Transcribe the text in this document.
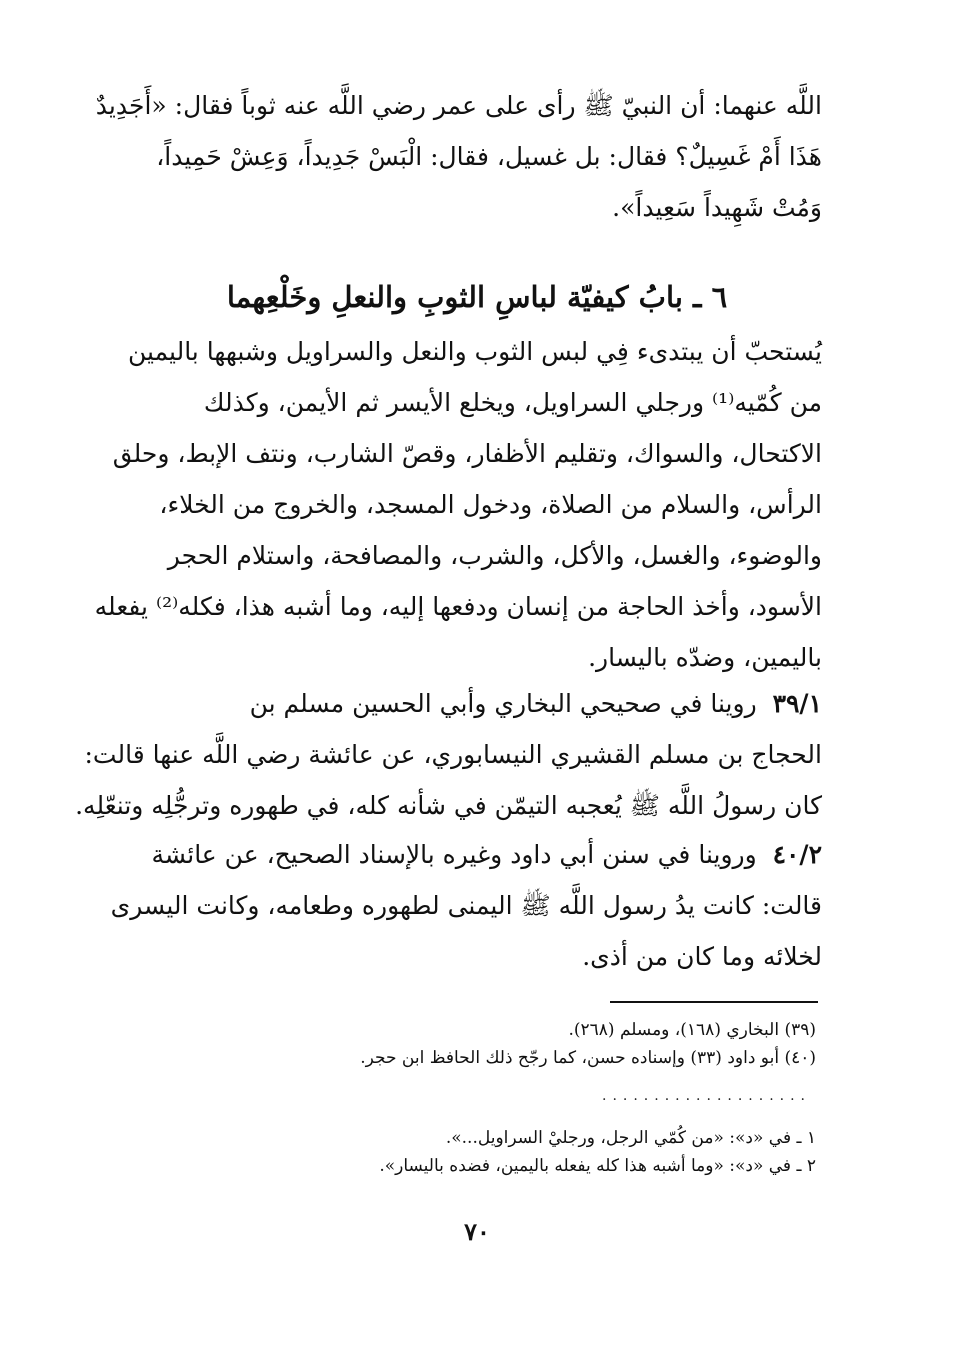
اللَّه عنهما: أن النبيّ ﷺ رأى على عمر رضي اللَّه عنه ثوباً فقال: «أَجَدِيدٌ
هَذَا أَمْ غَسِيلٌ؟ فقال: بل غسيل، فقال: الْبَسْ جَدِيداً، وَعِشْ حَمِيداً،
وَمُتْ شَهِيداً سَعِيداً».
٦ ـ بابُ كيفيّة لباسِ الثوبِ والنعلِ وخَلْعِهما
يُستحبّ أن يبتدىء فِي لبس الثوب والنعل والسراويل وشبهها باليمين
من كُمّيه⁽¹⁾ ورجلي السراويل، ويخلع الأيسر ثم الأيمن، وكذلك
الاكتحال، والسواك، وتقليم الأظفار، وقصّ الشارب، ونتف الإبط، وحلق
الرأس، والسلام من الصلاة، ودخول المسجد، والخروج من الخلاء،
والوضوء، والغسل، والأكل، والشرب، والمصافحة، واستلام الحجر
الأسود، وأخذ الحاجة من إنسان ودفعها إليه، وما أشبه هذا، فكله⁽²⁾ يفعله
باليمين، وضدّه باليسار.
٣٩/١  روينا في صحيحي البخاري وأبي الحسين مسلم بن
الحجاج بن مسلم القشيري النيسابوري، عن عائشة رضي اللَّه عنها قالت:
كان رسولُ اللَّه ﷺ يُعجبه التيمّن في شأنه كله، في طهوره وترجُّلِه وتنعّلِه.
٤٠/٢  وروينا في سنن أبي داود وغيره بالإسناد الصحيح، عن عائشة
قالت: كانت يدُ رسول اللَّه ﷺ اليمنى لطهوره وطعامه، وكانت اليسرى
لخلائه وما كان من أذى.
(٣٩) البخاري (١٦٨)، ومسلم (٢٦٨).
(٤٠) أبو داود (٣٣) وإسناده حسن، كما رجّح ذلك الحافظ ابن حجر.
....................
١ ـ في «د»: «من كُمّي الرجل، ورجليْ السراويل...».
٢ ـ في «د»: «وما أشبه هذا كله يفعله باليمين، فضده باليسار».
٧٠
